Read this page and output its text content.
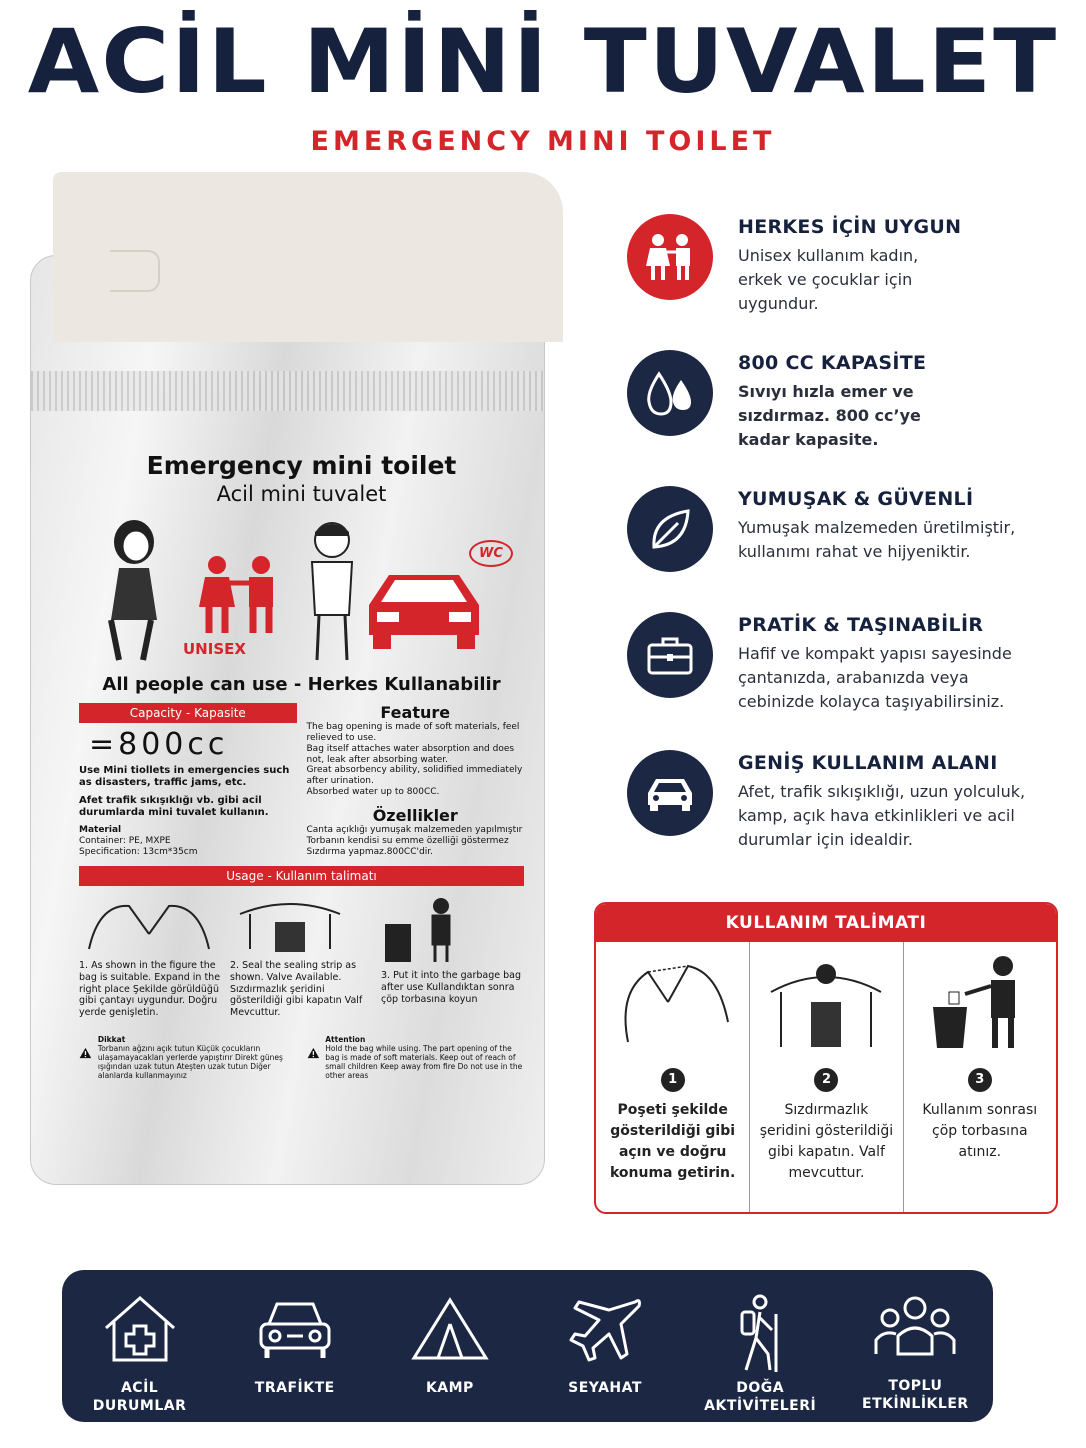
ACİL MİNİ TUVALET
EMERGENCY MINI TOILET
Emergency mini toilet
Acil mini tuvalet
UNISEX
WC
All people can use - Herkes Kullanabilir
Capacity - Kapasite
=800cc
Use Mini tiollets in emergencies such as disasters, traffic jams, etc.
Afet trafik sıkışıklığı vb. gibi acil durumlarda mini tuvalet kullanın.
Material
Container: PE, MXPE
Specification: 13cm*35cm
Feature
The bag opening is made of soft materials, feel relieved to use.
Bag itself attaches water absorption and does not, leak after absorbing water.
Great absorbency ability, solidified immediately after urination.
Absorbed water up to 800CC.
Özellikler
Canta açıklığı yumuşak malzemeden yapılmıştır
Torbanın kendisi su emme özelliği göstermez
Sızdırma yapmaz.800CC'dir.
Usage - Kullanım talimatı
1. As shown in the figure the bag is suitable. Expand in the right place Şekilde görüldüğü gibi çantayı uygundur. Doğru yerde genişletin.
2. Seal the sealing strip as shown. Valve Available. Sızdırmazlık şeridini gösterildiği gibi kapatın Valf Mevcuttur.
3. Put it into the garbage bag after use Kullandıktan sonra çöp torbasına koyun
Dikkat
Torbanın ağzını açık tutun Küçük çocukların ulaşamayacakları yerlerde yapıştırır Direkt güneş ışığından uzak tutun Ateşten uzak tutun Diğer alanlarda kullanmayınız
Attention
Hold the bag while using. The part opening of the bag is made of soft materials. Keep out of reach of small children Keep away from fire Do not use in the other areas
HERKES İÇİN UYGUN
Unisex kullanım kadın, erkek ve çocuklar için uygundur.
800 CC KAPASİTE
Sıvıyı hızla emer ve sızdırmaz. 800 cc’ye kadar kapasite.
YUMUŞAK & GÜVENLİ
Yumuşak malzemeden üretilmiştir, kullanımı rahat ve hijyeniktir.
PRATİK & TAŞINABİLİR
Hafif ve kompakt yapısı sayesinde çantanızda, arabanızda veya cebinizde kolayca taşıyabilirsiniz.
GENİŞ KULLANIM ALANI
Afet, trafik sıkışıklığı, uzun yolculuk, kamp, açık hava etkinlikleri ve acil durumlar için idealdir.
KULLANIM TALİMATI
1
Poşeti şekilde gösterildiği gibi açın ve doğru konuma getirin.
2
Sızdırmazlık şeridini gösterildiği gibi kapatın. Valf mevcuttur.
3
Kullanım sonrası çöp torbasına atınız.
ACİL DURUMLAR
TRAFİKTE	KAMP	SEYAHAT	DOĞA AKTİVİTELERİ
TOPLU ETKİNLİKLER
